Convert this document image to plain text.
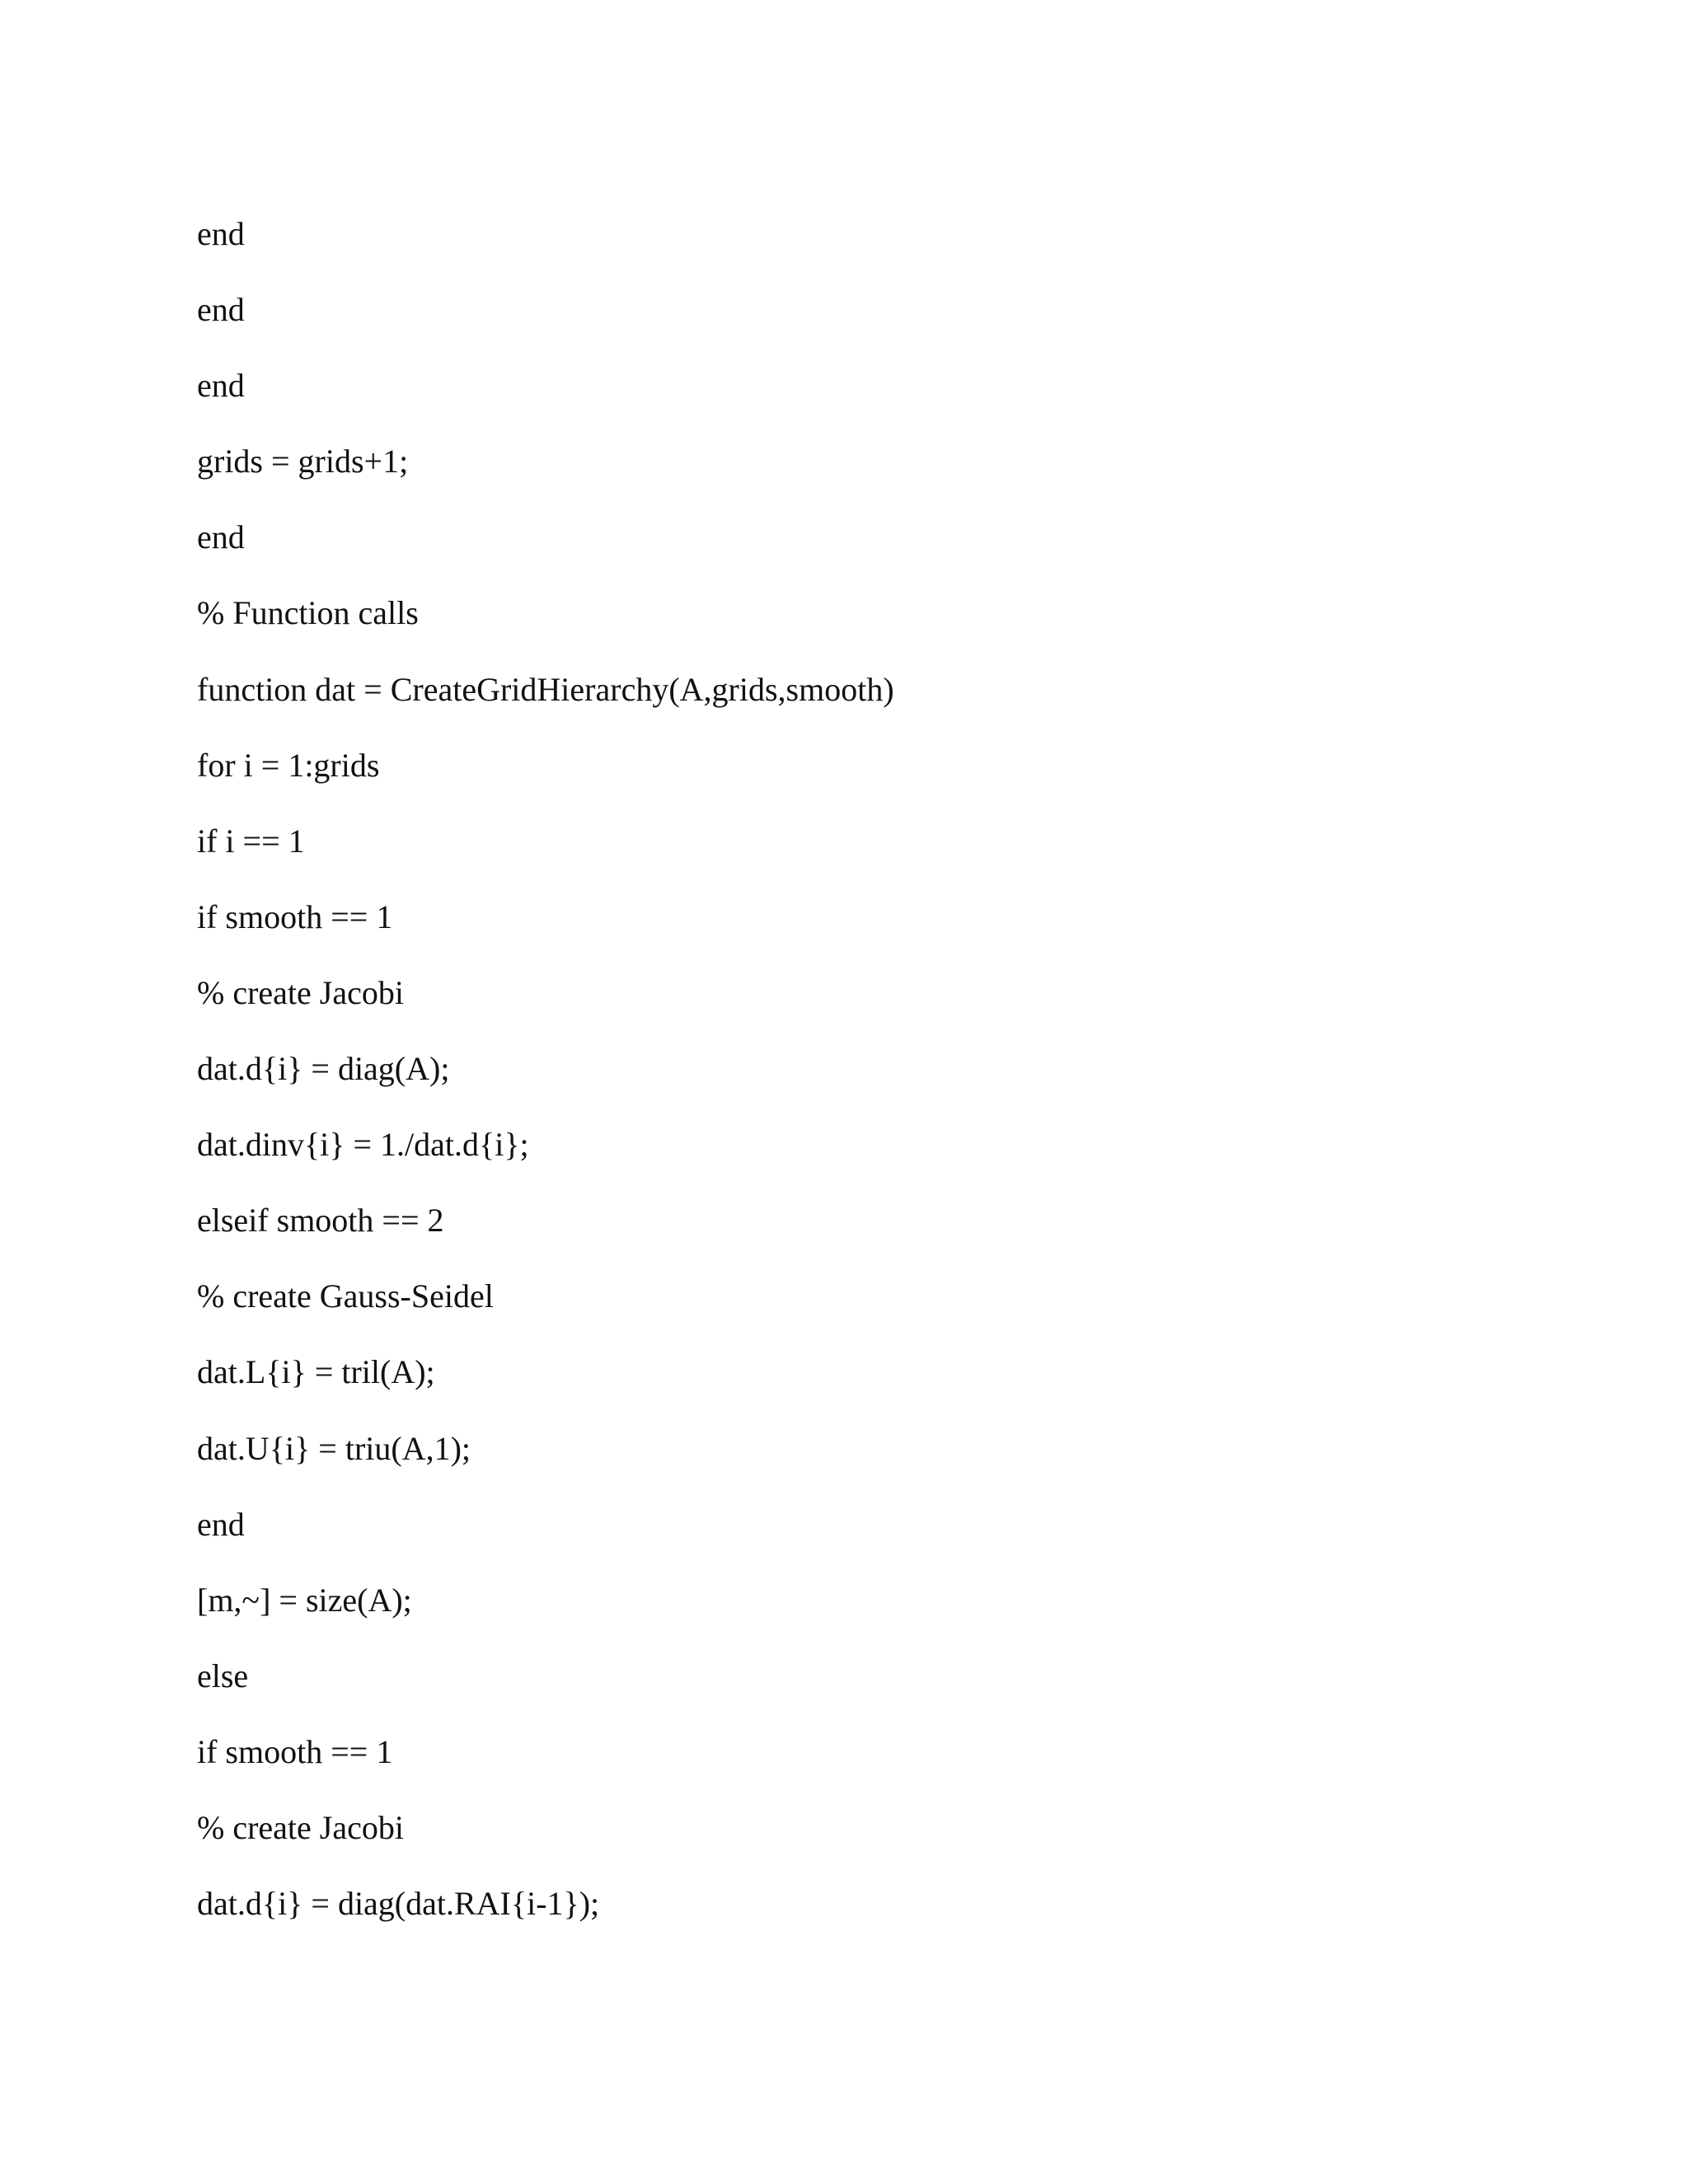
end
end
end
grids = grids+1;
end
% Function calls
function dat = CreateGridHierarchy(A,grids,smooth)
for i = 1:grids
if i == 1
if smooth == 1
% create Jacobi
dat.d{i} = diag(A);
dat.dinv{i} = 1./dat.d{i};
elseif smooth == 2
% create Gauss-Seidel
dat.L{i} = tril(A);
dat.U{i} = triu(A,1);
end
[m,~] = size(A);
else
if smooth == 1
% create Jacobi
dat.d{i} = diag(dat.RAI{i-1});
